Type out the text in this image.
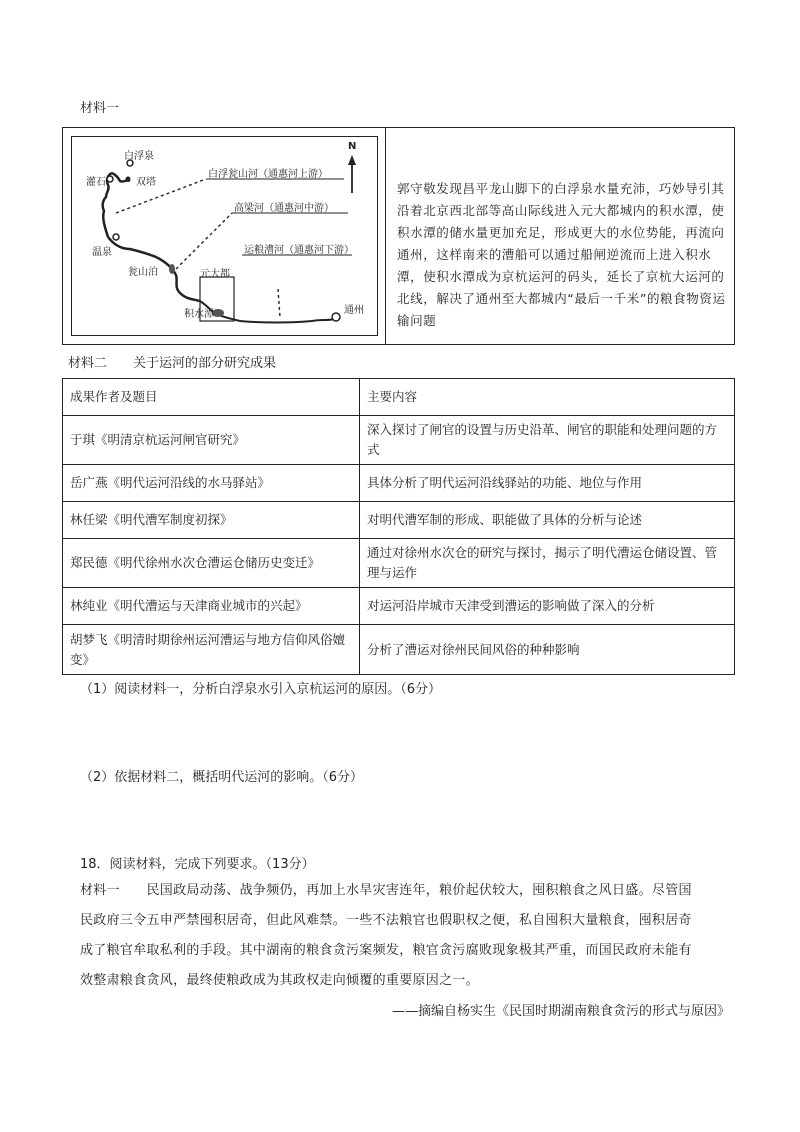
材料一
白浮泉
灌石	双塔
温泉
瓮山泊	元大都
积水潭	通州
白浮瓮山河（通惠河上游）
高梁河（通惠河中游）
运粮漕河（通惠河下游）
N
郭守敬发现昌平龙山脚下的白浮泉水量充沛，巧妙导引其沿着北京西北部等高山际线进入元大都城内的积水潭，使积水潭的储水量更加充足，形成更大的水位势能，再流向通州，这样南来的漕船可以通过船闸逆流而上进入积水潭，使积水潭成为京杭运河的码头，延长了京杭大运河的北线，解决了通州至大都城内“最后一千米”的粮食物资运输问题
材料二　　关于运河的部分研究成果
成果作者及题目	主要内容
于琪《明清京杭运河闸官研究》	深入探讨了闸官的设置与历史沿革、闸官的职能和处理问题的方式
岳广燕《明代运河沿线的水马驿站》	具体分析了明代运河沿线驿站的功能、地位与作用
林任梁《明代漕军制度初探》	对明代漕军制的形成、职能做了具体的分析与论述
郑民德《明代徐州水次仓漕运仓储历史变迁》	通过对徐州水次仓的研究与探讨，揭示了明代漕运仓储设置、管理与运作
林纯业《明代漕运与天津商业城市的兴起》	对运河沿岸城市天津受到漕运的影响做了深入的分析
胡梦飞《明清时期徐州运河漕运与地方信仰风俗嬗变》	分析了漕运对徐州民间风俗的种种影响
（1）阅读材料一，分析白浮泉水引入京杭运河的原因。（6分）
（2）依据材料二，概括明代运河的影响。（6分）
18．阅读材料，完成下列要求。（13分）
材料一　　民国政局动荡、战争频仍，再加上水旱灾害连年，粮价起伏较大，囤积粮食之风日盛。尽管国
民政府三令五申严禁囤积居奇，但此风难禁。一些不法粮官也假职权之便，私自囤积大量粮食，囤积居奇
成了粮官牟取私利的手段。其中湖南的粮食贪污案频发，粮官贪污腐败现象极其严重，而国民政府未能有
效整肃粮食贪风，最终使粮政成为其政权走向倾覆的重要原因之一。
——摘编自杨实生《民国时期湖南粮食贪污的形式与原因》
